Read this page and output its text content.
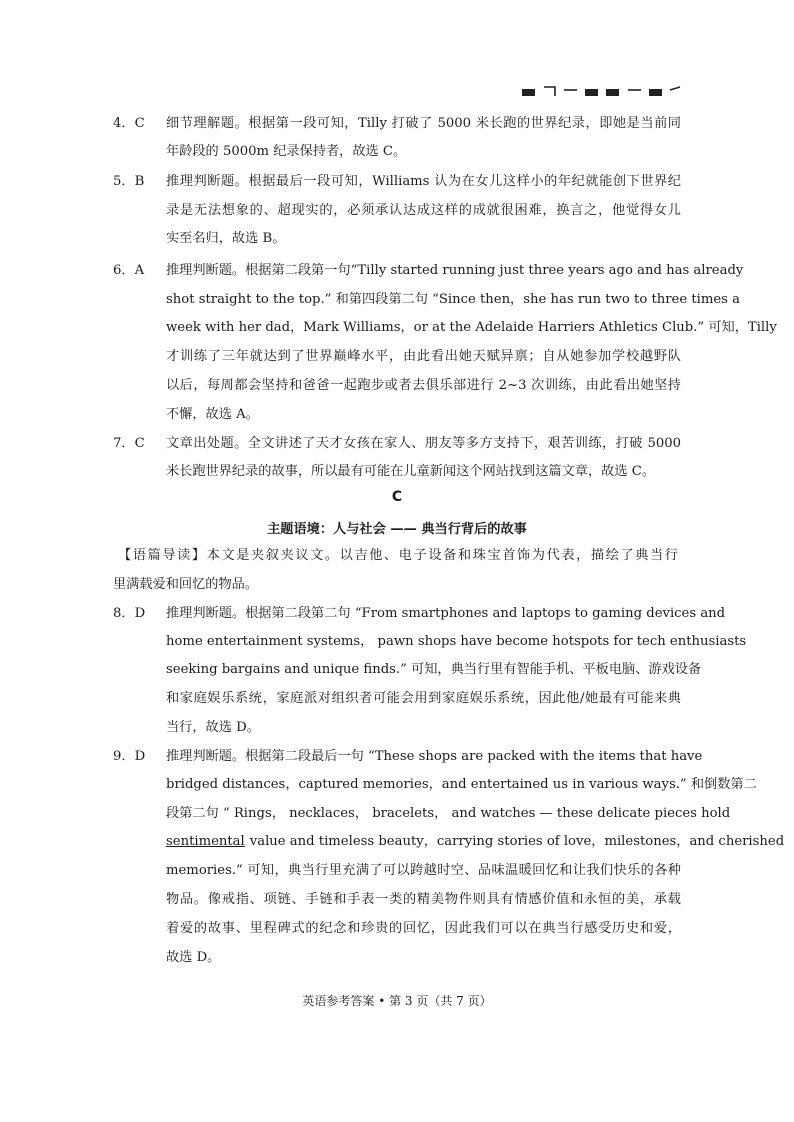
4．C 细节理解题。根据第一段可知，Tilly 打破了 5000 米长跑的世界纪录，即她是当前同
年龄段的 5000m 纪录保持者，故选 C。
5．B 推理判断题。根据最后一段可知，Williams 认为在女儿这样小的年纪就能创下世界纪
录是无法想象的、超现实的，必须承认达成这样的成就很困难，换言之，他觉得女儿
实至名归，故选 B。
6．A 推理判断题。根据第二段第一句“Tilly started running just three years ago and has already
shot straight to the top.” 和第四段第二句 “Since then，she has run two to three times a
week with her dad，Mark Williams，or at the Adelaide Harriers Athletics Club.” 可知，Tilly
才训练了三年就达到了世界巅峰水平，由此看出她天赋异禀；自从她参加学校越野队
以后，每周都会坚持和爸爸一起跑步或者去俱乐部进行 2~3 次训练，由此看出她坚持
不懈，故选 A。
7．C 文章出处题。全文讲述了天才女孩在家人、朋友等多方支持下，艰苦训练，打破 5000
米长跑世界纪录的故事，所以最有可能在儿童新闻这个网站找到这篇文章，故选 C。
C
主题语境：人与社会 —— 典当行背后的故事
【语篇导读】本文是夹叙夹议文。以吉他、电子设备和珠宝首饰为代表，描绘了典当行
里满载爱和回忆的物品。
8．D 推理判断题。根据第二段第二句 “From smartphones and laptops to gaming devices and
home entertainment systems， pawn shops have become hotspots for tech enthusiasts
seeking bargains and unique finds.” 可知，典当行里有智能手机、平板电脑、游戏设备
和家庭娱乐系统，家庭派对组织者可能会用到家庭娱乐系统，因此他/她最有可能来典
当行，故选 D。
9．D 推理判断题。根据第二段最后一句 “These shops are packed with the items that have
bridged distances，captured memories，and entertained us in various ways.” 和倒数第二
段第二句 “ Rings， necklaces， bracelets， and watches — these delicate pieces hold
sentimental value and timeless beauty，carrying stories of love，milestones，and cherished
memories.” 可知，典当行里充满了可以跨越时空、品味温暖回忆和让我们快乐的各种
物品。像戒指、项链、手链和手表一类的精美物件则具有情感价值和永恒的美，承载
着爱的故事、里程碑式的纪念和珍贵的回忆，因此我们可以在典当行感受历史和爱，
故选 D。
英语参考答案 • 第 3 页（共 7 页）
